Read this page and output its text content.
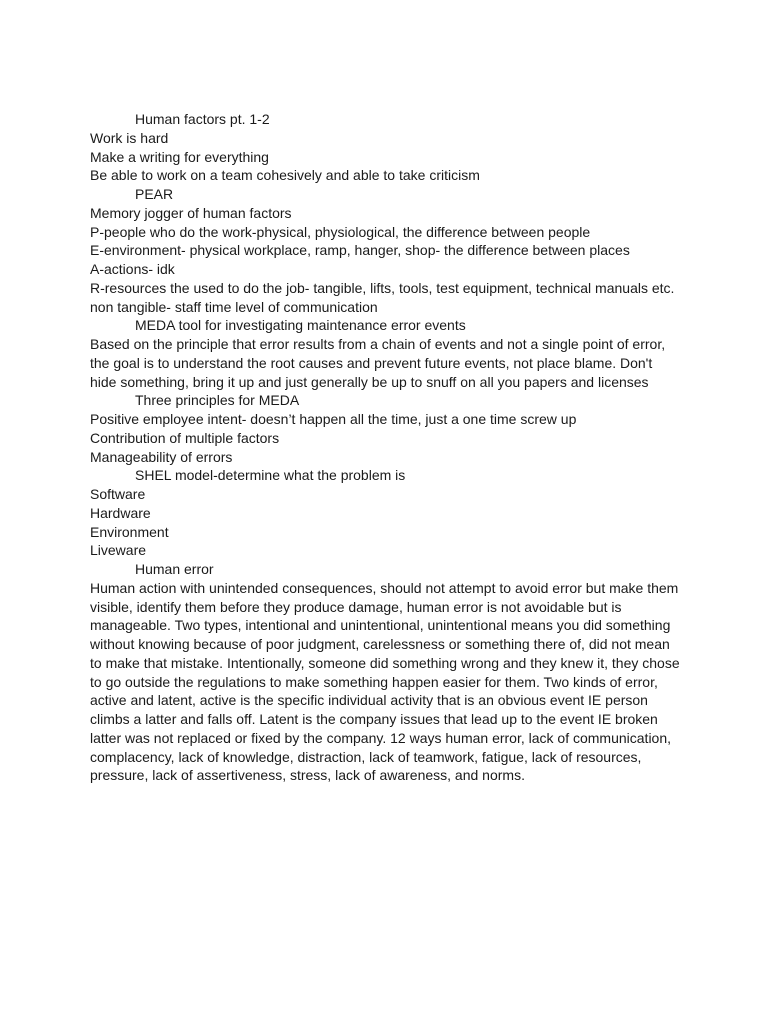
Human factors pt. 1-2

Work is hard

Make a writing for everything

Be able to work on a team cohesively and able to take criticism

PEAR

Memory jogger of human factors

P-people who do the work-physical, physiological, the difference between people

E-environment- physical workplace, ramp, hanger, shop- the difference between places

A-actions- idk

R-resources the used to do the job- tangible, lifts, tools, test equipment, technical manuals etc. non tangible- staff time level of communication

MEDA tool for investigating maintenance error events

Based on the principle that error results from a chain of events and not a single point of error, the goal is to understand the root causes and prevent future events, not place blame. Don't hide something, bring it up and just generally be up to snuff on all you papers and licenses

Three principles for MEDA

Positive employee intent- doesn’t happen all the time, just a one time screw up

Contribution of multiple factors

Manageability of errors

SHEL model-determine what the problem is

Software

Hardware

Environment

Liveware

Human error

Human action with unintended consequences, should not attempt to avoid error but make them visible, identify them before they produce damage, human error is not avoidable but is manageable. Two types, intentional and unintentional, unintentional means you did something without knowing because of poor judgment, carelessness or something there of, did not mean to make that mistake. Intentionally, someone did something wrong and they knew it, they chose to go outside the regulations to make something happen easier for them. Two kinds of error, active and latent, active is the specific individual activity that is an obvious event IE person climbs a latter and falls off. Latent is the company issues that lead up to the event IE broken latter was not replaced or fixed by the company. 12 ways human error, lack of communication, complacency, lack of knowledge, distraction, lack of teamwork, fatigue, lack of resources, pressure, lack of assertiveness, stress, lack of awareness, and norms.
